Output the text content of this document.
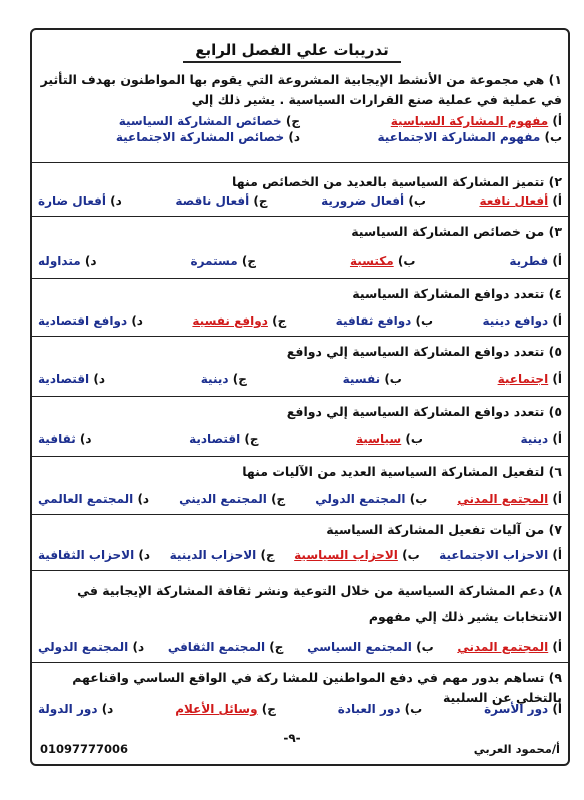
تدريبات علي الفصل الرابع
١) هي مجموعة من الأنشط الإيجابية المشروعة التي يقوم بها المواطنون بهدف التأثير في عملية في عملية صنع القرارات السياسية . يشير ذلك إلي
أ) مفهوم المشاركة السياسية
ج) خصائص المشاركة السياسية
ب) مفهوم المشاركة الاجتماعية
د) خصائص المشاركة الاجتماعية
٢) تتميز المشاركة السياسية بالعديد من الخصائص منها
أ) أفعال نافعة
ب) أفعال ضرورية
ج) أفعال ناقصة
د) أفعال ضارة
٣) من خصائص المشاركة السياسية
أ) فطرية
ب) مكتسبة
ج) مستمرة
د) متداوله
٤) تتعدد دوافع المشاركة السياسية
أ) دوافع دينية
ب) دوافع ثقافية
ج) دوافع نفسية
د) دوافع اقتصادية
٥) تتعدد دوافع المشاركة السياسية إلي دوافع
أ) اجتماعية
ب) نفسية
ج) دينية
د) اقتصادية
٥) تتعدد دوافع المشاركة السياسية إلي دوافع
أ) دينية
ب) سياسية
ج) اقتصادية
د) ثقافية
٦) لتفعيل المشاركة السياسية العديد من الآليات منها
أ) المجتمع المدني
ب) المجتمع الدولي
ج) المجتمع الديني
د) المجتمع العالمي
٧) من آليات تفعيل المشاركة السياسية
أ) الاحزاب الاجتماعية
ب) الاحزاب السياسية
ج) الاحزاب الدينية
د) الاحزاب الثقافية
٨) دعم المشاركة السياسية من خلال التوعية ونشر ثقافة المشاركة الإيجابية في الانتخابات يشير ذلك إلي مفهوم
أ) المجتمع المدني
ب) المجتمع السياسي
ج) المجتمع الثقافي
د) المجتمع الدولي
٩) تساهم بدور مهم في دفع المواطنين للمشا ركة في الواقع الساسي واقناعهم بالتخلي عن السلبية
أ) دور الأسرة
ب) دور العبادة
ج) وسائل الأعلام
د) دور الدولة
-٩-
01097777006	أ/محمود العربي
